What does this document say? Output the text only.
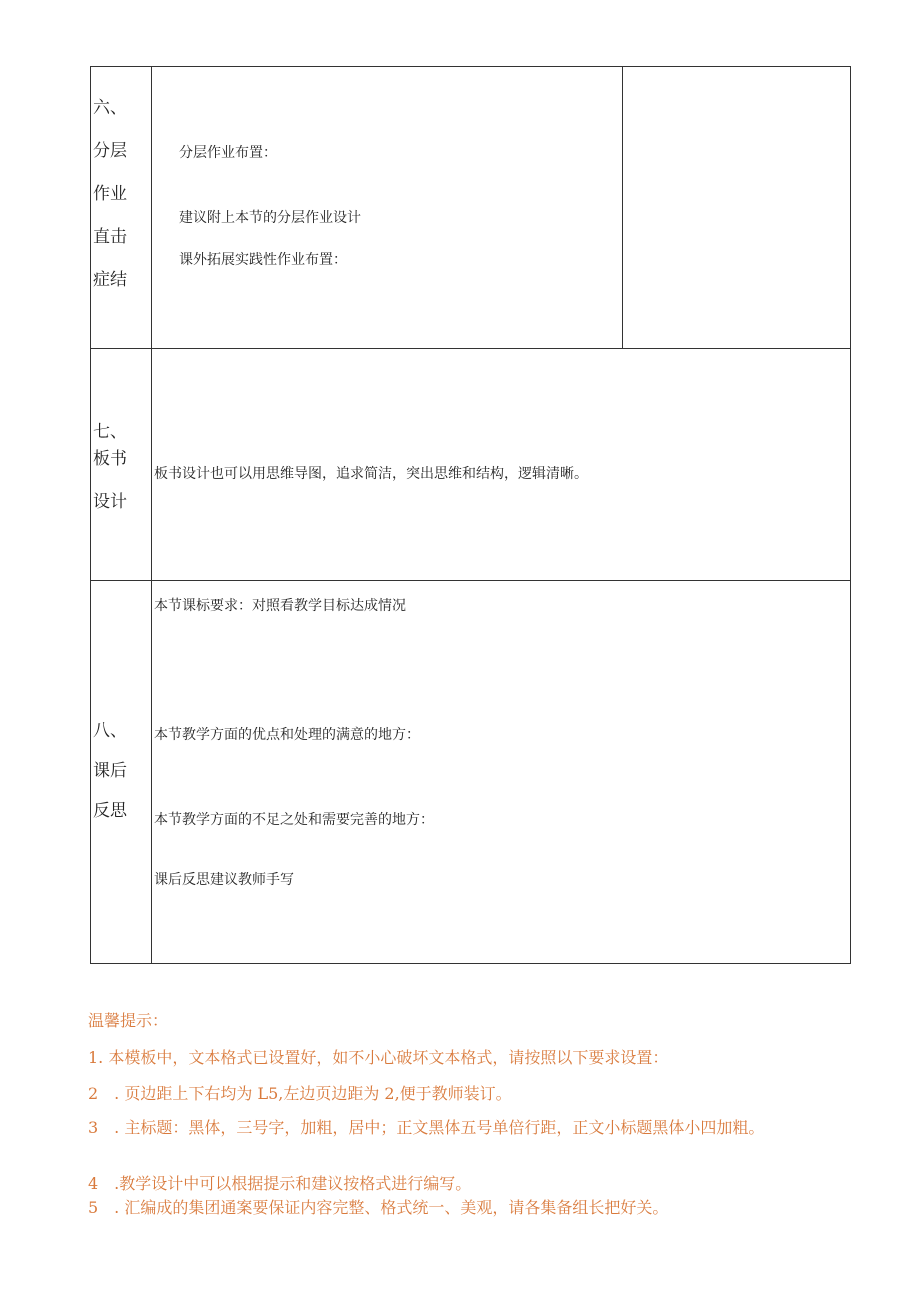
六、
分层
作业
直击
症结	分层作业布置：
建议附上本节的分层作业设计
课外拓展实践性作业布置：	

七、
板书
设计	板书设计也可以用思维导图，追求简洁，突出思维和结构，逻辑清晰。	

八、
课后
反思	本节课标要求：对照看教学目标达成情况
本节教学方面的优点和处理的满意的地方：
本节教学方面的不足之处和需要完善的地方：
课后反思建议教师手写	
温馨提示：
1. 本模板中，文本格式已设置好，如不小心破坏文本格式，请按照以下要求设置：
2　. 页边距上下右均为 L5,左边页边距为 2,便于教师装订。
3　. 主标题：黑体，三号字，加粗，居中；正文黑体五号单倍行距，正文小标题黑体小四加粗。
4　.教学设计中可以根据提示和建议按格式进行编写。
5　. 汇编成的集团通案要保证内容完整、格式统一、美观，请各集备组长把好关。
